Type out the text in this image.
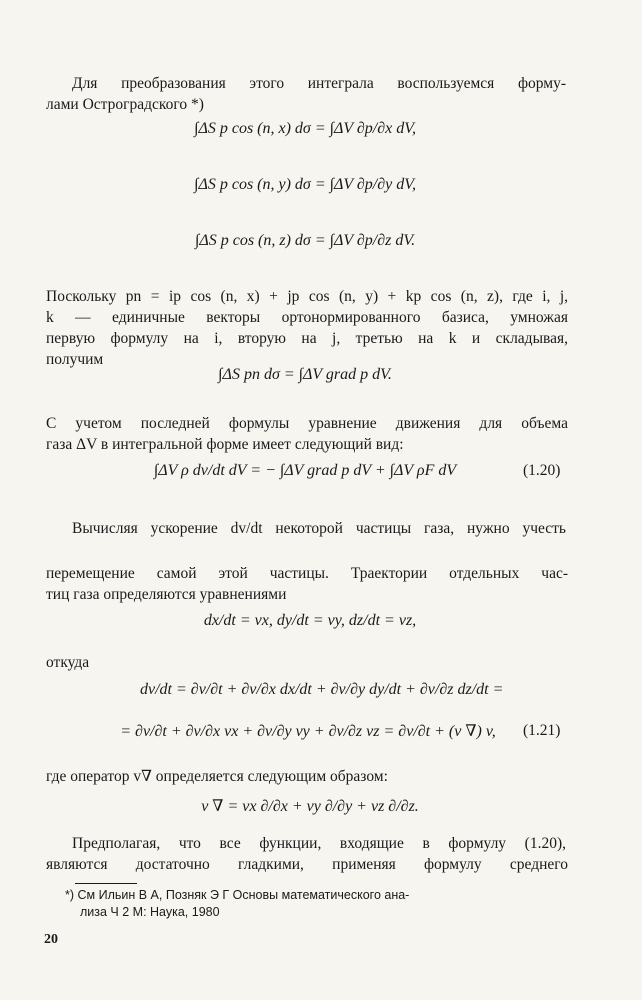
Для преобразования этого интеграла воспользуемся форму-
лами Остроградского *)
∫ΔS p cos (n, x) dσ = ∫ΔV ∂p/∂x dV,
∫ΔS p cos (n, y) dσ = ∫ΔV ∂p/∂y dV,
∫ΔS p cos (n, z) dσ = ∫ΔV ∂p/∂z dV.
Поскольку pn = ip cos (n, x) + jp cos (n, y) + kp cos (n, z), где i, j,
k — единичные векторы ортонормированного базиса, умножая
первую формулу на i, вторую на j, третью на k и складывая,
получим
∫ΔS pn dσ = ∫ΔV grad p dV.
С учетом последней формулы уравнение движения для объема
газа ΔV в интегральной форме имеет следующий вид:
∫ΔV ρ dv/dt dV = − ∫ΔV grad p dV + ∫ΔV ρF dV	(1.20)
Вычисляя ускорение dv/dt некоторой частицы газа, нужно учесть
перемещение самой этой частицы. Траектории отдельных час-
тиц газа определяются уравнениями
dx/dt = vx, dy/dt = vy, dz/dt = vz,
откуда
dv/dt = ∂v/∂t + ∂v/∂x dx/dt + ∂v/∂y dy/dt + ∂v/∂z dz/dt =
= ∂v/∂t + ∂v/∂x vx + ∂v/∂y vy + ∂v/∂z vz = ∂v/∂t + (v ∇) v, (1.21)
где оператор v∇ определяется следующим образом:
v ∇ = vx ∂/∂x + vy ∂/∂y + vz ∂/∂z.
Предполагая, что все функции, входящие в формулу (1.20),
являются достаточно гладкими, применяя формулу среднего
*) См Ильин В А, Позняк Э Г Основы математического ана-
лиза Ч 2 М: Наука, 1980
20
